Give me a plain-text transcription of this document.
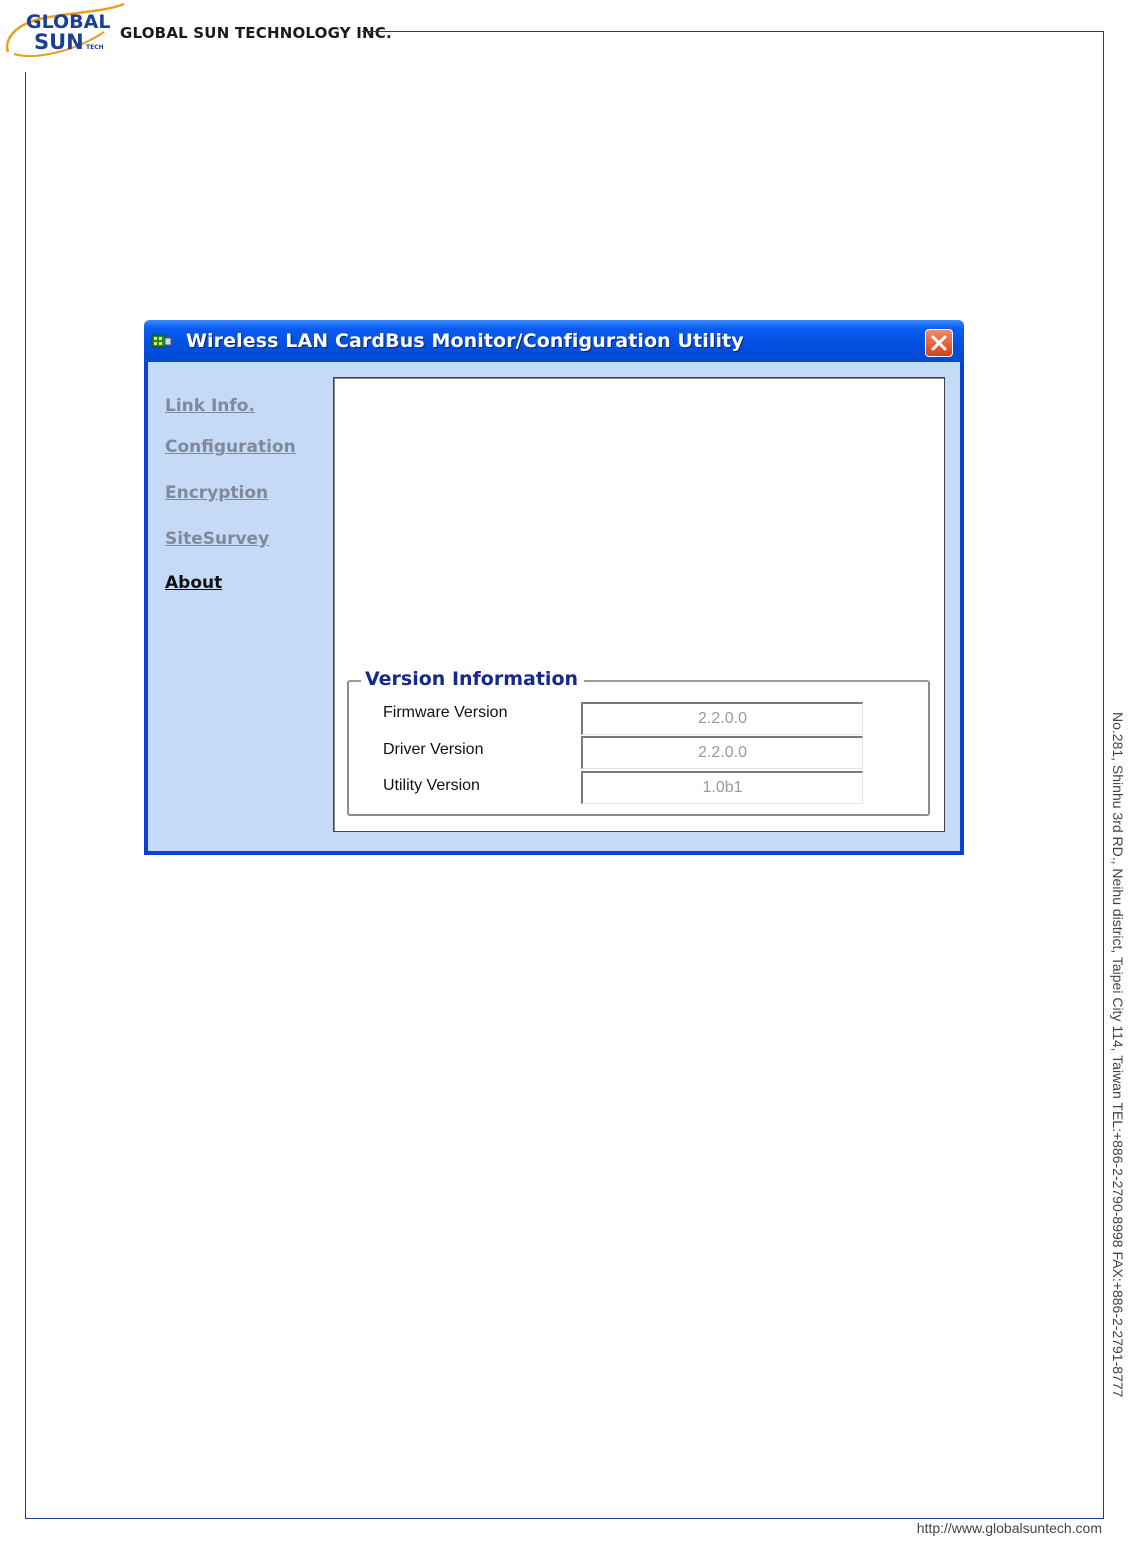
GLOBAL
SUN TECH
GLOBAL SUN TECHNOLOGY INC.
No.281, Shinhu 3rd RD., Neihu district, Taipei City 114, Taiwan TEL:+886-2-2790-8998 FAX:+886-2-2791-8777
http://www.globalsuntech.com
Wireless LAN CardBus Monitor/Configuration Utility
Link Info.
Configuration
Encryption
SiteSurvey
About
Version Information
Firmware Version	2.2.0.0
Driver Version	2.2.0.0
Utility Version	1.0b1
